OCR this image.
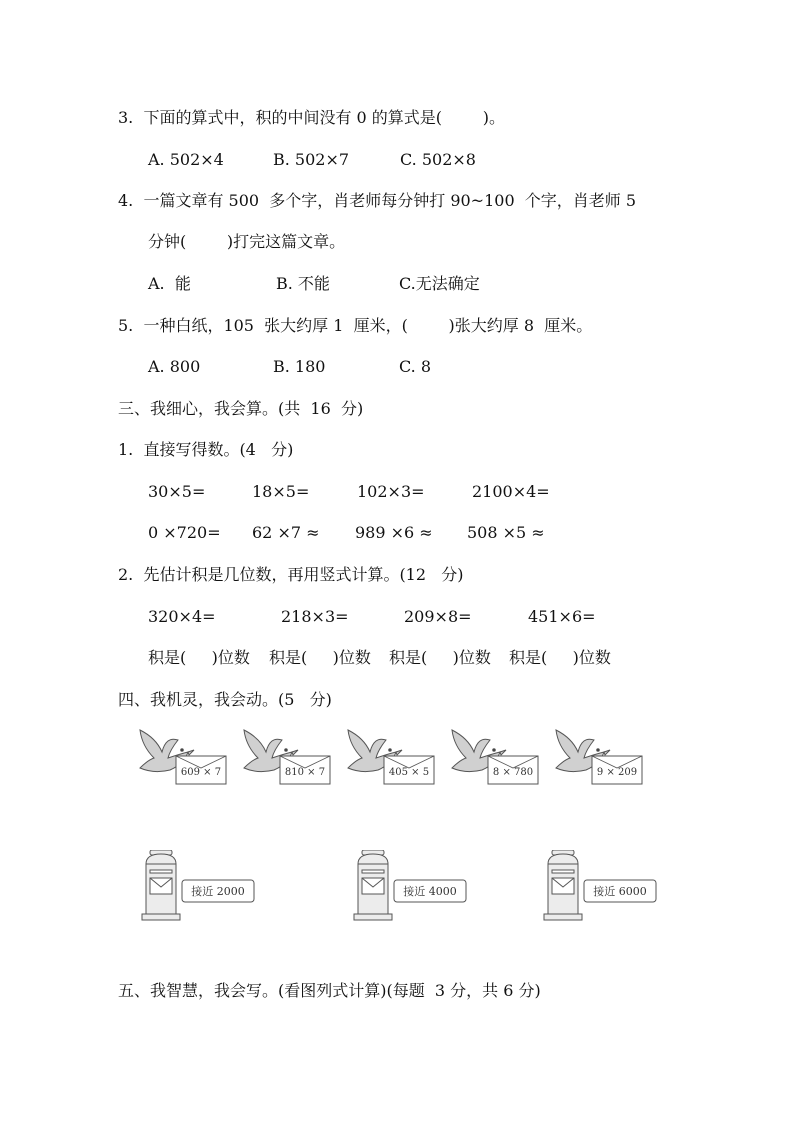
3.  下面的算式中，积的中间没有 0 的算式是(        )。
A. 502×4	B. 502×7	C. 502×8
4.  一篇文章有 500  多个字，肖老师每分钟打 90~100  个字，肖老师 5
分钟(        )打完这篇文章。
A.  能	B. 不能	C.无法确定
5.  一种白纸，105  张大约厚 1  厘米，(        )张大约厚 8  厘米。
A. 800	B. 180	C. 8
三、我细心，我会算。(共  16  分)
1.  直接写得数。(4   分)
30×5=	18×5=	102×3=	2100×4=
0 ×720= 62 ×7 ≈ 989 ×6 ≈ 508 ×5 ≈
2.  先估计积是几位数，再用竖式计算。(12   分)
320×4=	218×3=	209×8=	451×6=
积是(     )位数 积是(     )位数 积是(     )位数 积是(     )位数
四、我机灵，我会动。(5   分)
609 × 7	810 × 7	405 × 5	8 × 780	9 × 209
接近 2000	接近 4000	接近 6000
五、我智慧，我会写。(看图列式计算)(每题  3 分，共 6 分)
